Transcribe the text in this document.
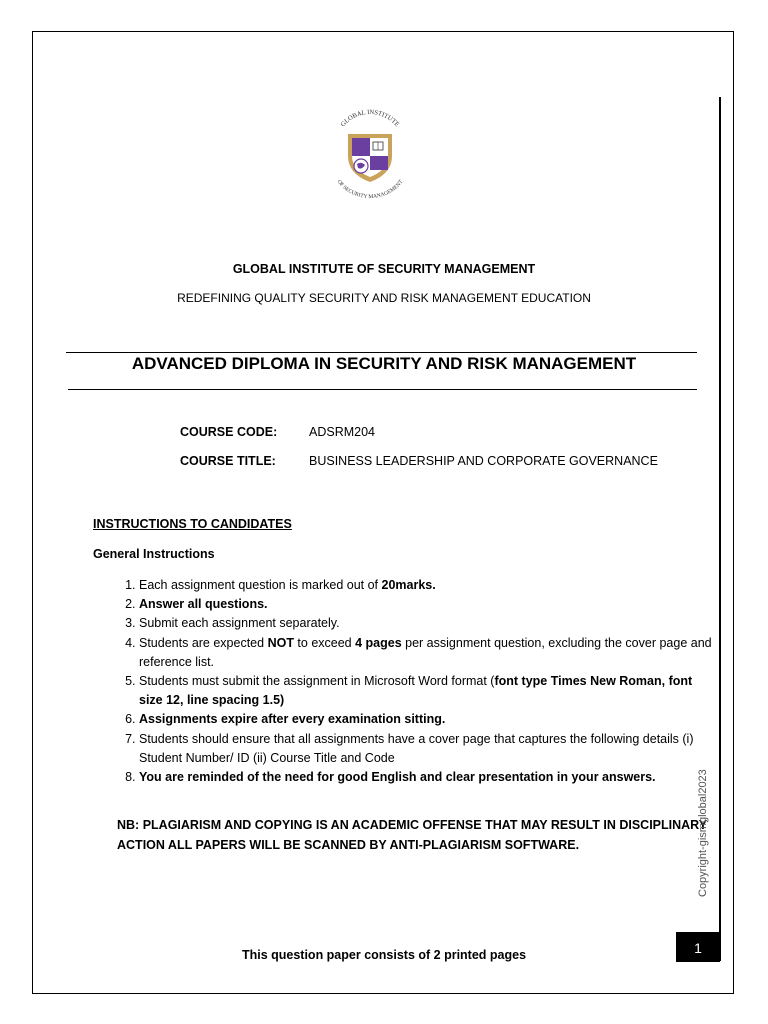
GLOBAL INSTITUTE
OF SECURITY MANAGEMENT
GLOBAL INSTITUTE OF SECURITY MANAGEMENT
REDEFINING QUALITY SECURITY AND RISK MANAGEMENT EDUCATION
ADVANCED DIPLOMA IN SECURITY AND RISK MANAGEMENT
COURSE CODE:	ADSRM204
COURSE TITLE:	BUSINESS LEADERSHIP AND CORPORATE GOVERNANCE
INSTRUCTIONS TO CANDIDATES
General Instructions
1. Each assignment question is marked out of 20marks.
2. Answer all questions.
3. Submit each assignment separately.
4. Students are expected NOT to exceed 4 pages per assignment question, excluding the cover page and reference list.
5. Students must submit the assignment in Microsoft Word format (font type Times New Roman, font size 12, line spacing 1.5)
6. Assignments expire after every examination sitting.
7. Students should ensure that all assignments have a cover page that captures the following details (i) Student Number/ ID (ii) Course Title and Code
8. You are reminded of the need for good English and clear presentation in your answers.
NB: PLAGIARISM AND COPYING IS AN ACADEMIC OFFENSE THAT MAY RESULT IN DISCIPLINARY ACTION ALL PAPERS WILL BE SCANNED BY ANTI-PLAGIARISM SOFTWARE.	Copyright-gismglobal2023
1
This question paper consists of 2 printed pages
